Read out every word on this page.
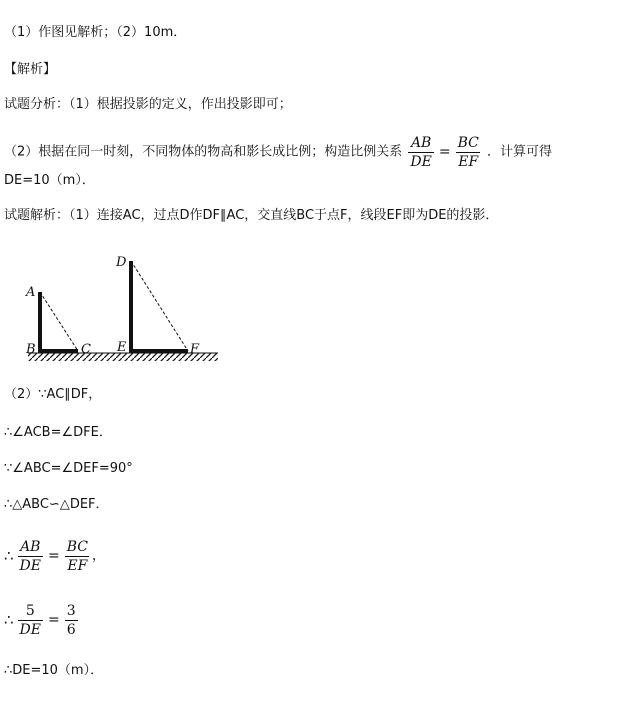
（1）作图见解析；（2）10m．
【解析】
试题分析：（1）根据投影的定义，作出投影即可；
（2）根据在同一时刻，不同物体的物高和影长成比例；构造比例关系 $\frac{AB}{DE} = \frac{BC}{EF}$ ．计算可得
DE=10（m）．
试题解析：（1）连接AC，过点D作DF∥AC，交直线BC于点F，线段EF即为DE的投影．
A
B	C
D
E	F
（2）∵AC∥DF，
∴∠ACB=∠DFE．
∵∠ABC=∠DEF=90°
∴△ABC∽△DEF．
∴ $\frac{AB}{DE} = \frac{BC}{EF}$ ，
∴ $\frac{5}{DE} = \frac{3}{6}$
∴DE=10（m）．
